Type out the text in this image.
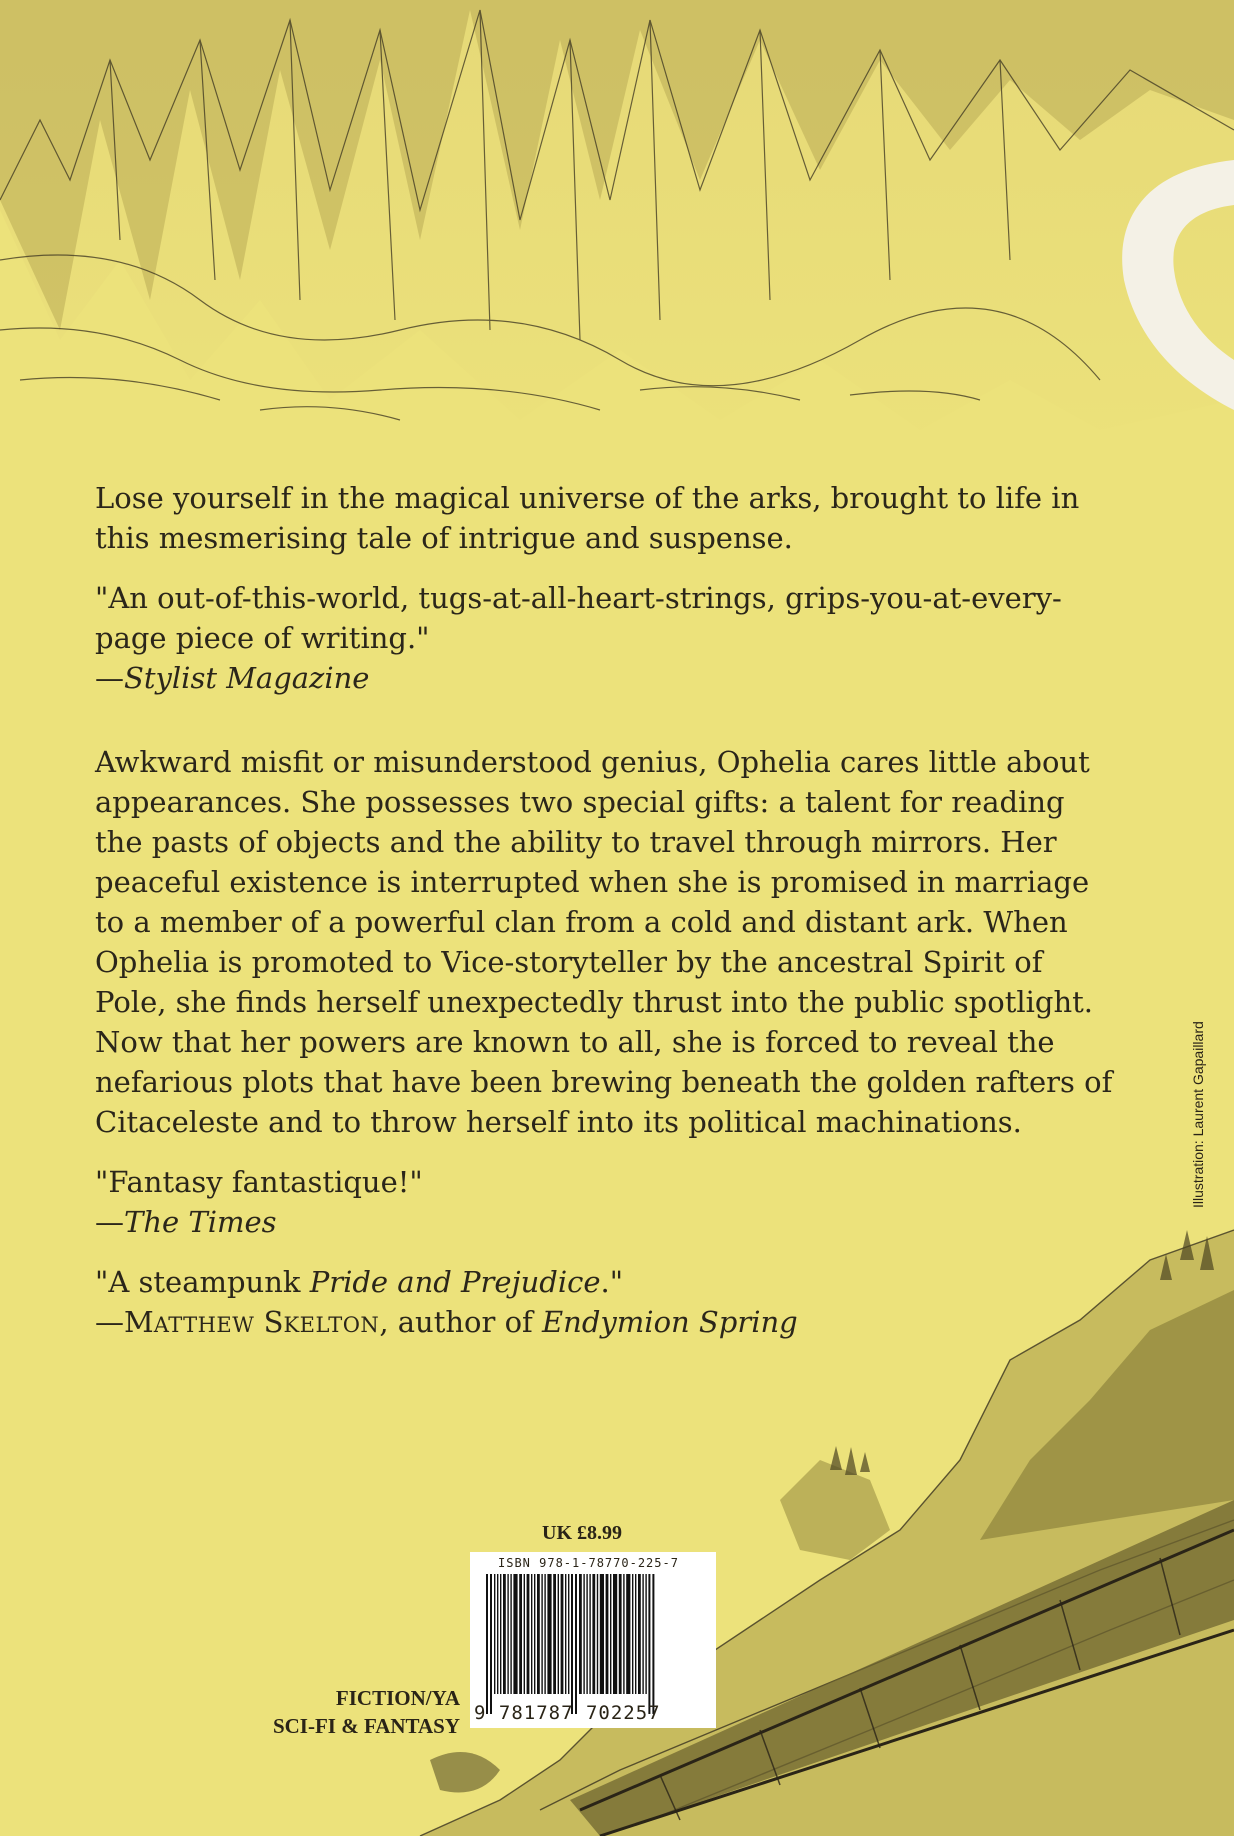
Lose yourself in the magical universe of the arks, brought to life in this mesmerising tale of intrigue and suspense.

"An out-of-this-world, tugs-at-all-heart-strings, grips-you-at-every-page piece of writing."
—Stylist Magazine

Awkward misfit or misunderstood genius, Ophelia cares little about appearances. She possesses two special gifts: a talent for reading the pasts of objects and the ability to travel through mirrors. Her peaceful existence is interrupted when she is promised in marriage to a member of a powerful clan from a cold and distant ark. When Ophelia is promoted to Vice-storyteller by the ancestral Spirit of Pole, she finds herself unexpectedly thrust into the public spotlight. Now that her powers are known to all, she is forced to reveal the nefarious plots that have been brewing beneath the golden rafters of Citaceleste and to throw herself into its political machinations.

"Fantasy fantastique!"
—The Times

"A steampunk Pride and Prejudice."
—MATTHEW SKELTON, author of Endymion Spring

Illustration: Laurent Gapaillard
UK £8.99
FICTION/YA
SCI-FI & FANTASY
ISBN 978-1-78770-225-7
9 781787 702257
